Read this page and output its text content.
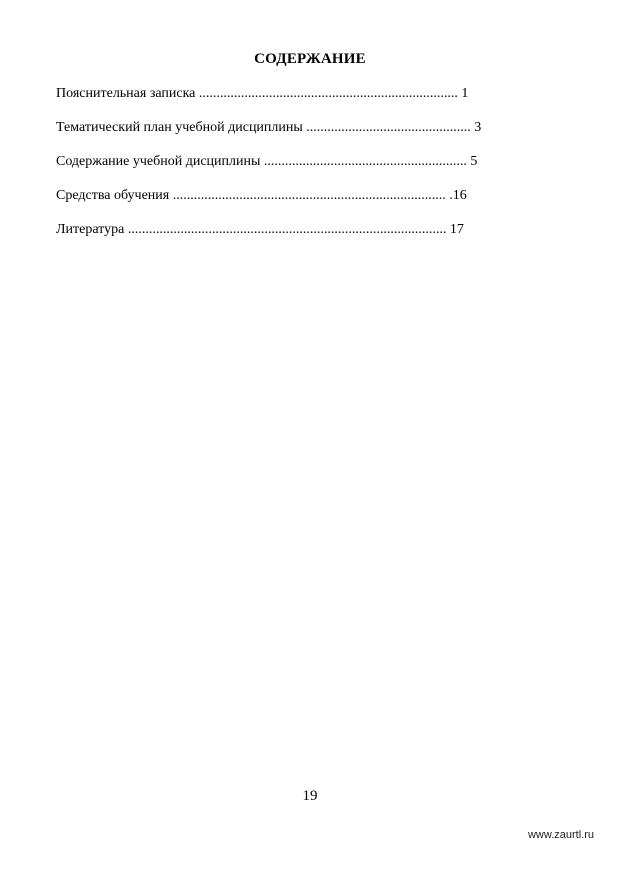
СОДЕРЖАНИЕ
Пояснительная записка .......................................................................... 1
Тематический план учебной дисциплины ............................................... 3
Содержание учебной дисциплины .......................................................... 5
Средства обучения .............................................................................. .16
Литература ........................................................................................... 17
19
www.zaurtl.ru
